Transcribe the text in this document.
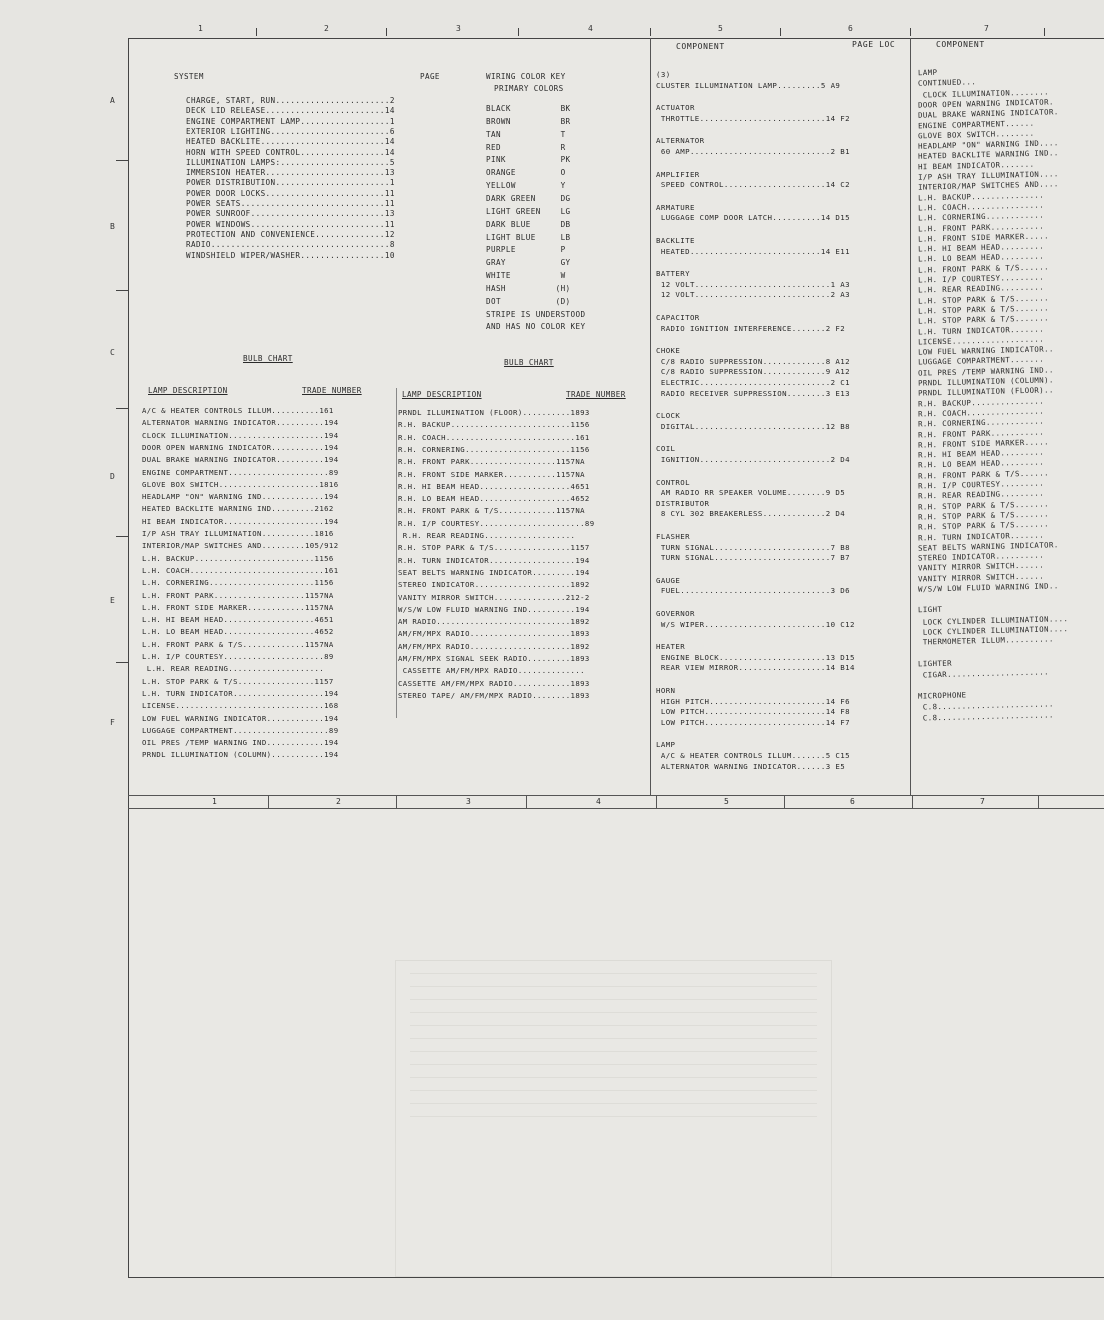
1	2	3	4	5	6	7
A
B
C
D
E
F
COMPONENT	PAGE LOC	COMPONENT
SYSTEM	PAGE
CHARGE, START, RUN.......................2
DECK LID RELEASE........................14
ENGINE COMPARTMENT LAMP..................1
EXTERIOR LIGHTING........................6
HEATED BACKLITE.........................14
HORN WITH SPEED CONTROL.................14
ILLUMINATION LAMPS:......................5
IMMERSION HEATER........................13
POWER DISTRIBUTION.......................1
POWER DOOR LOCKS........................11
POWER SEATS.............................11
POWER SUNROOF...........................13
POWER WINDOWS...........................11
PROTECTION AND CONVENIENCE..............12
RADIO....................................8
WINDSHIELD WIPER/WASHER.................10
WIRING COLOR KEY
PRIMARY COLORS
BLACK          BK
BROWN          BR
TAN            T
RED            R
PINK           PK
ORANGE         O
YELLOW         Y
DARK GREEN     DG
LIGHT GREEN    LG
DARK BLUE      DB
LIGHT BLUE     LB
PURPLE         P
GRAY           GY
WHITE          W
HASH          (H)
DOT           (D)
STRIPE IS UNDERSTOOD
AND HAS NO COLOR KEY
BULB CHART
LAMP DESCRIPTION	TRADE NUMBER
A/C & HEATER CONTROLS ILLUM..........161
ALTERNATOR WARNING INDICATOR..........194
CLOCK ILLUMINATION....................194
DOOR OPEN WARNING INDICATOR...........194
DUAL BRAKE WARNING INDICATOR..........194
ENGINE COMPARTMENT.....................89
GLOVE BOX SWITCH.....................1816
HEADLAMP "ON" WARNING IND.............194
HEATED BACKLITE WARNING IND.........2162
HI BEAM INDICATOR.....................194
I/P ASH TRAY ILLUMINATION...........1816
INTERIOR/MAP SWITCHES AND.........105/912
L.H. BACKUP.........................1156
L.H. COACH............................161
L.H. CORNERING......................1156
L.H. FRONT PARK...................1157NA
L.H. FRONT SIDE MARKER............1157NA
L.H. HI BEAM HEAD...................4651
L.H. LO BEAM HEAD...................4652
L.H. FRONT PARK & T/S.............1157NA
L.H. I/P COURTESY.....................89
L.H. REAR READING....................
L.H. STOP PARK & T/S................1157
L.H. TURN INDICATOR...................194
LICENSE...............................168
LOW FUEL WARNING INDICATOR............194
LUGGAGE COMPARTMENT....................89
OIL PRES /TEMP WARNING IND............194
PRNDL ILLUMINATION (COLUMN)...........194
BULB CHART
LAMP DESCRIPTION	TRADE NUMBER
PRNDL ILLUMINATION (FLOOR)..........1893
R.H. BACKUP.........................1156
R.H. COACH...........................161
R.H. CORNERING......................1156
R.H. FRONT PARK..................1157NA
R.H. FRONT SIDE MARKER...........1157NA
R.H. HI BEAM HEAD...................4651
R.H. LO BEAM HEAD...................4652
R.H. FRONT PARK & T/S............1157NA
R.H. I/P COURTESY......................89
R.H. REAR READING...................
R.H. STOP PARK & T/S................1157
R.H. TURN INDICATOR..................194
SEAT BELTS WARNING INDICATOR.........194
STEREO INDICATOR....................1892
VANITY MIRROR SWITCH...............212-2
W/S/W LOW FLUID WARNING IND..........194
AM RADIO............................1892
AM/FM/MPX RADIO.....................1893
AM/FM/MPX RADIO.....................1892
AM/FM/MPX SIGNAL SEEK RADIO.........1893
CASSETTE AM/FM/MPX RADIO..............
CASSETTE AM/FM/MPX RADIO............1893
STEREO TAPE/ AM/FM/MPX RADIO........1893
(3)
CLUSTER ILLUMINATION LAMP.........5 A9
ACTUATOR
THROTTLE..........................14 F2
ALTERNATOR
60 AMP.............................2 B1
AMPLIFIER
SPEED CONTROL.....................14 C2
ARMATURE
LUGGAGE COMP DOOR LATCH..........14 D15
BACKLITE
HEATED...........................14 E11
BATTERY
12 VOLT............................1 A3
12 VOLT............................2 A3
CAPACITOR
RADIO IGNITION INTERFERENCE.......2 F2
CHOKE
C/8 RADIO SUPPRESSION.............8 A12
C/8 RADIO SUPPRESSION.............9 A12
ELECTRIC...........................2 C1
RADIO RECEIVER SUPPRESSION........3 E13
CLOCK
DIGITAL...........................12 B8
COIL
IGNITION...........................2 D4
CONTROL
AM RADIO RR SPEAKER VOLUME........9 D5
DISTRIBUTOR
8 CYL 302 BREAKERLESS.............2 D4
FLASHER
TURN SIGNAL........................7 B8
TURN SIGNAL........................7 B7
GAUGE
FUEL...............................3 D6
GOVERNOR
W/S WIPER.........................10 C12
HEATER
ENGINE BLOCK......................13 D15
REAR VIEW MIRROR..................14 B14
HORN
HIGH PITCH........................14 F6
LOW PITCH.........................14 F8
LOW PITCH.........................14 F7
LAMP
A/C & HEATER CONTROLS ILLUM.......5 C15
ALTERNATOR WARNING INDICATOR......3 E5
LAMP
CONTINUED...
CLOCK ILLUMINATION........
DOOR OPEN WARNING INDICATOR.
DUAL BRAKE WARNING INDICATOR.
ENGINE COMPARTMENT......
GLOVE BOX SWITCH........
HEADLAMP "ON" WARNING IND....
HEATED BACKLITE WARNING IND..
HI BEAM INDICATOR.......
I/P ASH TRAY ILLUMINATION....
INTERIOR/MAP SWITCHES AND....
L.H. BACKUP...............
L.H. COACH................
L.H. CORNERING............
L.H. FRONT PARK...........
L.H. FRONT SIDE MARKER.....
L.H. HI BEAM HEAD.........
L.H. LO BEAM HEAD.........
L.H. FRONT PARK & T/S......
L.H. I/P COURTESY.........
L.H. REAR READING.........
L.H. STOP PARK & T/S.......
L.H. STOP PARK & T/S.......
L.H. STOP PARK & T/S.......
L.H. TURN INDICATOR.......
LICENSE...................
LOW FUEL WARNING INDICATOR..
LUGGAGE COMPARTMENT.......
OIL PRES /TEMP WARNING IND..
PRNDL ILLUMINATION (COLUMN).
PRNDL ILLUMINATION (FLOOR)..
R.H. BACKUP...............
R.H. COACH................
R.H. CORNERING............
R.H. FRONT PARK...........
R.H. FRONT SIDE MARKER.....
R.H. HI BEAM HEAD.........
R.H. LO BEAM HEAD.........
R.H. FRONT PARK & T/S......
R.H. I/P COURTESY.........
R.H. REAR READING.........
R.H. STOP PARK & T/S.......
R.H. STOP PARK & T/S.......
R.H. STOP PARK & T/S.......
R.H. TURN INDICATOR.......
SEAT BELTS WARNING INDICATOR.
STEREO INDICATOR..........
VANITY MIRROR SWITCH......
VANITY MIRROR SWITCH......
W/S/W LOW FLUID WARNING IND..
LIGHT
LOCK CYLINDER ILLUMINATION....
LOCK CYLINDER ILLUMINATION....
THERMOMETER ILLUM..........
LIGHTER
CIGAR.....................
MICROPHONE
C.8........................
C.8........................
1	2	3	4	5	6	7
